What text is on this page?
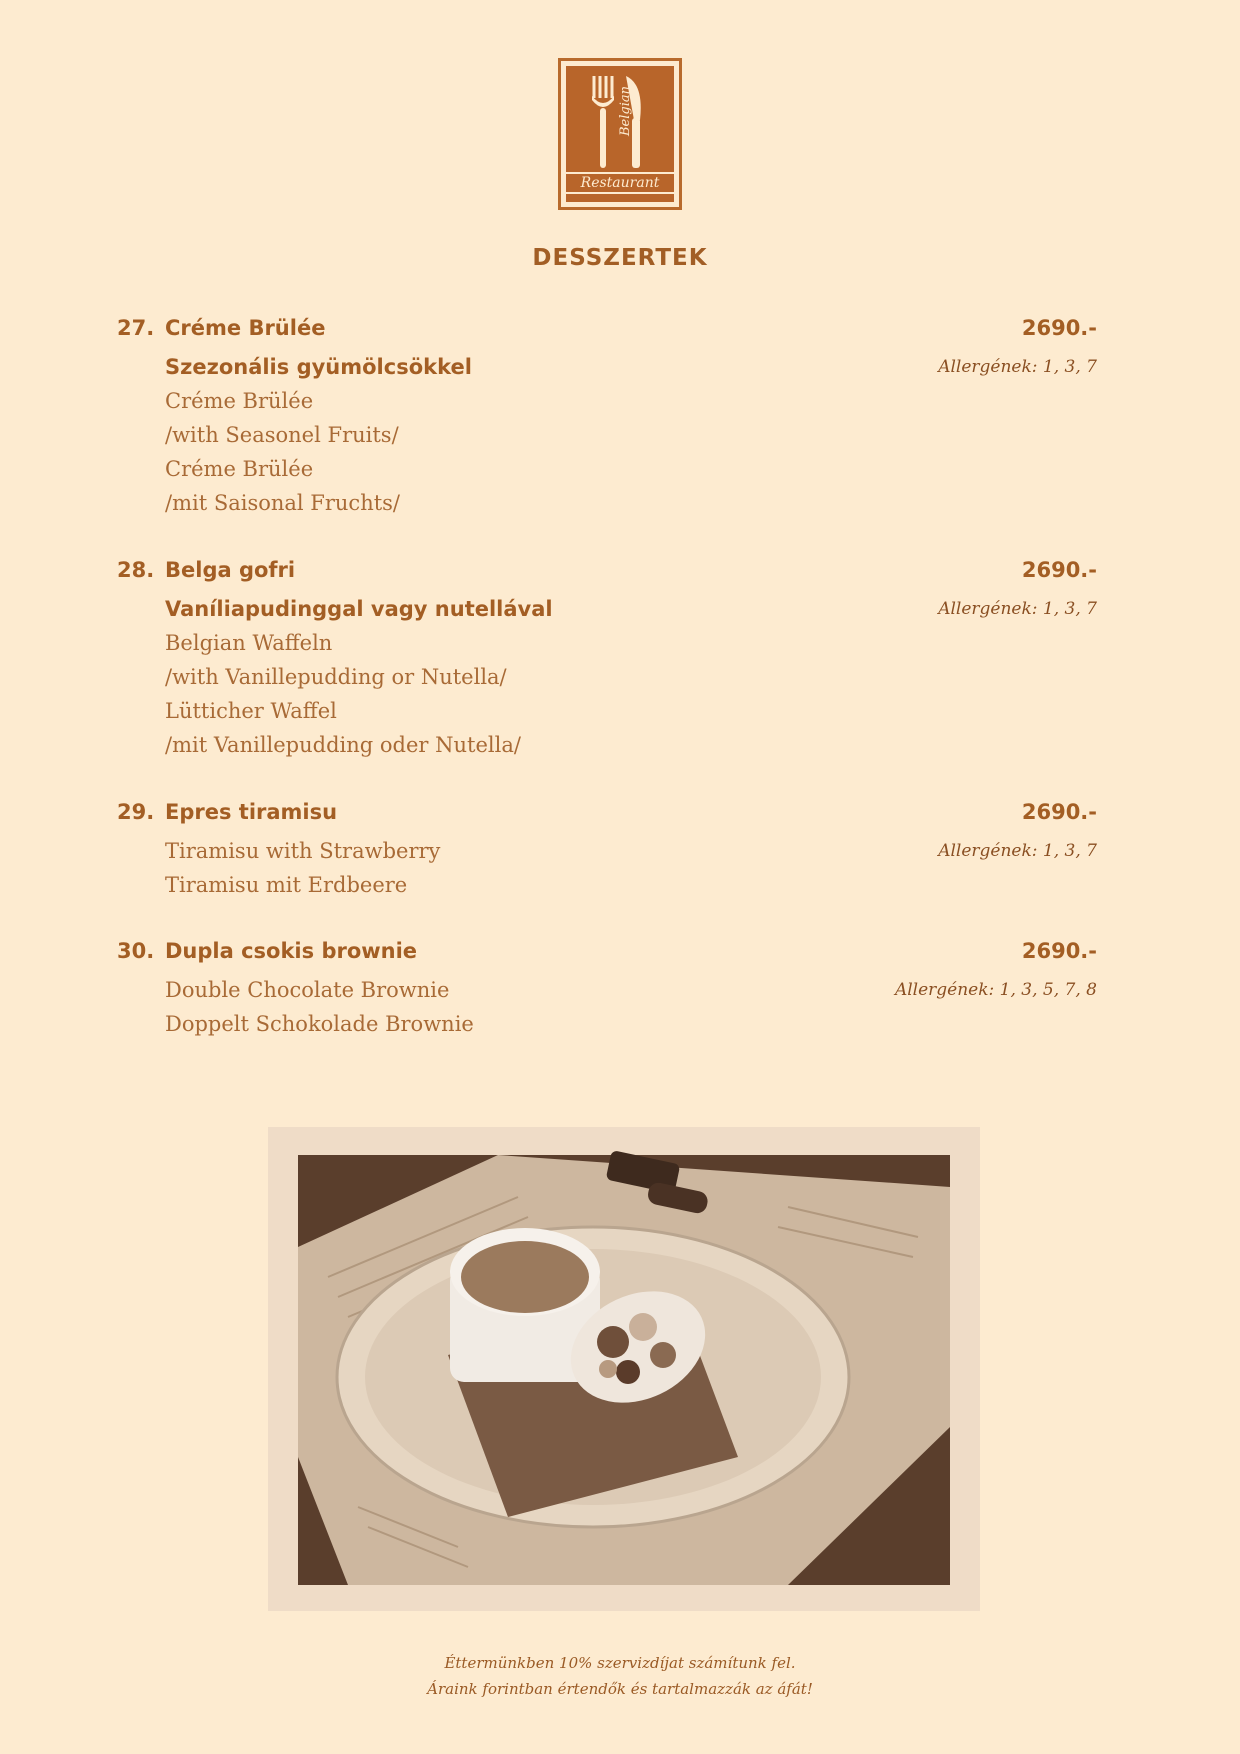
Belgian
Restaurant
DESSZERTEK
27. Créme Brülée	2690.-
Szezonális gyümölcsökkel	Allergének: 1, 3, 7
Créme Brülée
/with Seasonel Fruits/
Créme Brülée
/mit Saisonal Fruchts/
28. Belga gofri	2690.-
Vaníliapudinggal vagy nutellával	Allergének: 1, 3, 7
Belgian Waffeln
/with Vanillepudding or Nutella/
Lütticher Waffel
/mit Vanillepudding oder Nutella/
29. Epres tiramisu	2690.-
Tiramisu with Strawberry	Allergének: 1, 3, 7
Tiramisu mit Erdbeere
30. Dupla csokis brownie	2690.-
Double Chocolate Brownie	Allergének: 1, 3, 5, 7, 8
Doppelt Schokolade Brownie
Éttermünkben 10% szervizdíjat számítunk fel.
Áraink forintban értendők és tartalmazzák az áfát!
